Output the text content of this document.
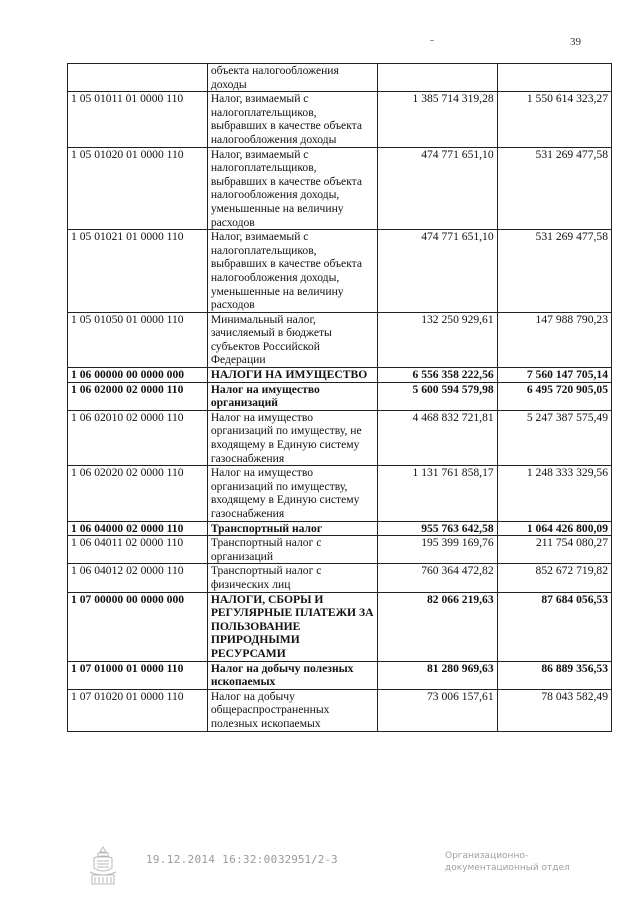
39
	объекта налогообложения доходы		
1 05 01011 01 0000 110	Налог, взимаемый с налогоплательщиков, выбравших в качестве объекта налогообложения доходы	1 385 714 319,28	1 550 614 323,27
1 05 01020 01 0000 110	Налог, взимаемый с налогоплательщиков, выбравших в качестве объекта налогообложения доходы, уменьшенные на величину расходов	474 771 651,10	531 269 477,58
1 05 01021 01 0000 110	Налог, взимаемый с налогоплательщиков, выбравших в качестве объекта налогообложения доходы, уменьшенные на величину расходов	474 771 651,10	531 269 477,58
1 05 01050 01 0000 110	Минимальный налог, зачисляемый в бюджеты субъектов Российской Федерации	132 250 929,61	147 988 790,23
1 06 00000 00 0000 000	НАЛОГИ НА ИМУЩЕСТВО	6 556 358 222,56	7 560 147 705,14
1 06 02000 02 0000 110	Налог на имущество организаций	5 600 594 579,98	6 495 720 905,05
1 06 02010 02 0000 110	Налог на имущество организаций по имуществу, не входящему в Единую систему газоснабжения	4 468 832 721,81	5 247 387 575,49
1 06 02020 02 0000 110	Налог на имущество организаций по имуществу, входящему в Единую систему газоснабжения	1 131 761 858,17	1 248 333 329,56
1 06 04000 02 0000 110	Транспортный налог	955 763 642,58	1 064 426 800,09
1 06 04011 02 0000 110	Транспортный налог с организаций	195 399 169,76	211 754 080,27
1 06 04012 02 0000 110	Транспортный налог с физических лиц	760 364 472,82	852 672 719,82
1 07 00000 00 0000 000	НАЛОГИ, СБОРЫ И РЕГУЛЯРНЫЕ ПЛАТЕЖИ ЗА ПОЛЬЗОВАНИЕ ПРИРОДНЫМИ РЕСУРСАМИ	82 066 219,63	87 684 056,53
1 07 01000 01 0000 110	Налог на добычу полезных ископаемых	81 280 969,63	86 889 356,53
1 07 01020 01 0000 110	Налог на добычу общераспространенных полезных ископаемых	73 006 157,61	78 043 582,49
19.12.2014 16:32:00 32951/2-3	Организационно-
документационный отдел
